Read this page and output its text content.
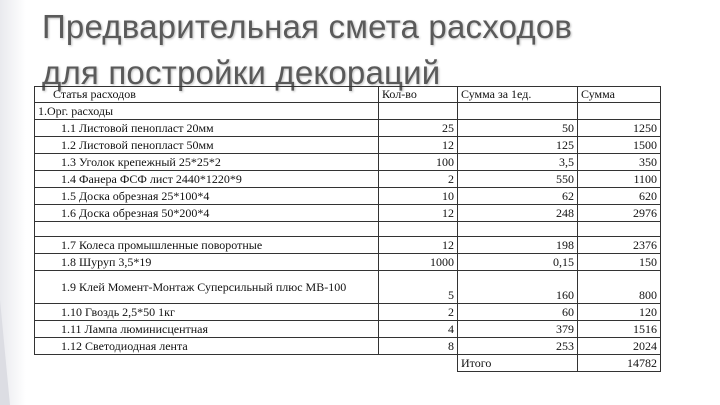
Предварительная смета расходов
для постройки декораций
Статья расходов	Кол-во	Сумма за 1ед.	Сумма
1.Орг. расходы			
1.1 Листовой пенопласт 20мм	25	50	1250
1.2 Листовой пенопласт 50мм	12	125	1500
1.3 Уголок крепежный 25*25*2	100	3,5	350
1.4 Фанера ФСФ лист 2440*1220*9	2	550	1100
1.5 Доска обрезная 25*100*4	10	62	620
1.6 Доска обрезная 50*200*4	12	248	2976

1.7 Колеса промышленные поворотные	12	198	2376
1.8 Шуруп 3,5*19	1000	0,15	150
1.9 Клей Момент-Монтаж Суперсильный плюс МВ-100	5	160	800
1.10 Гвоздь 2,5*50 1кг	2	60	120
1.11 Лампа люминисцентная	4	379	1516
1.12 Светодиодная лента	8	253	2024
		Итого	14782
